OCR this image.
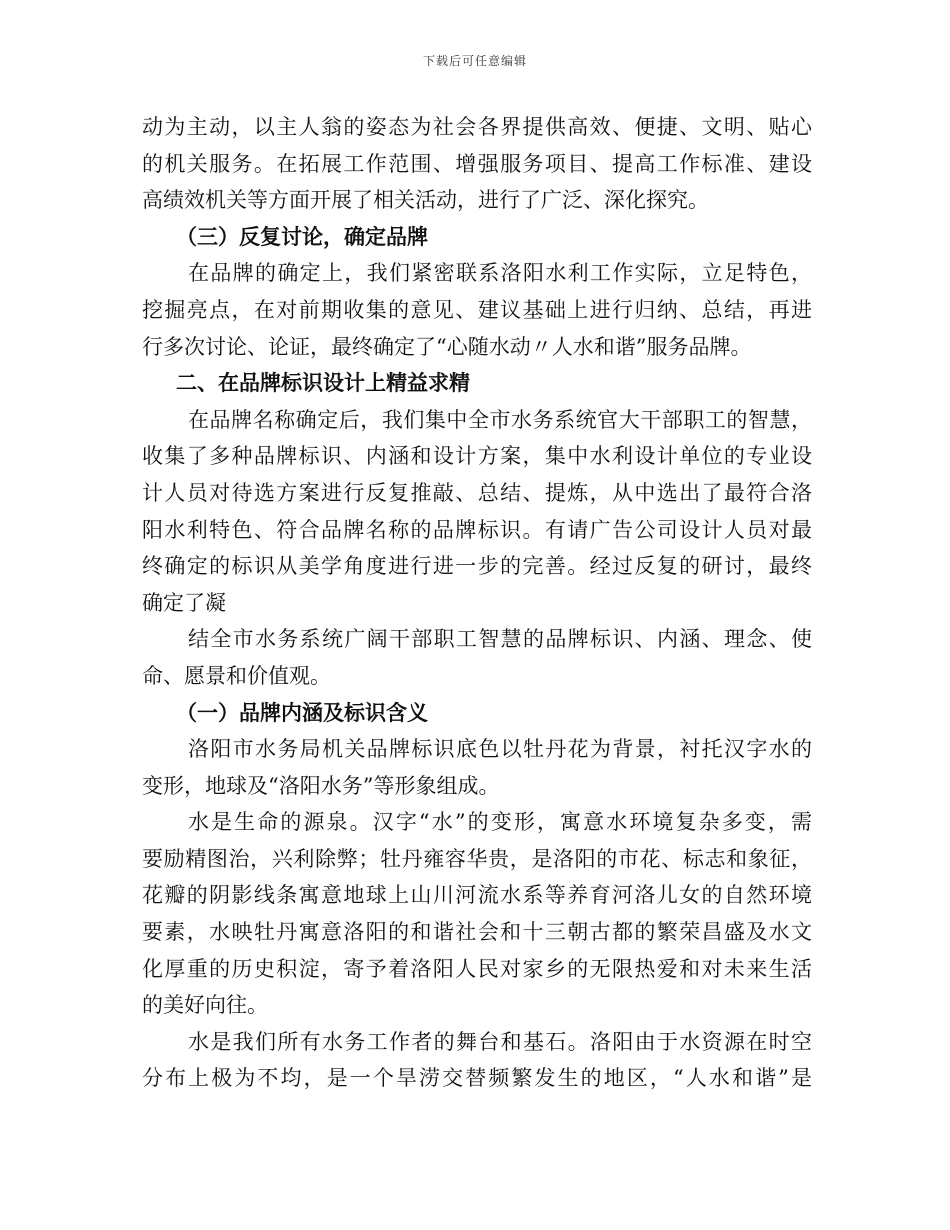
下载后可任意编辑
动为主动，以主人翁的姿态为社会各界提供高效、便捷、文明、贴心
的机关服务。在拓展工作范围、增强服务项目、提高工作标准、建设
高绩效机关等方面开展了相关活动，进行了广泛、深化探究。
（三）反复讨论，确定品牌
在品牌的确定上，我们紧密联系洛阳水利工作实际，立足特色，
挖掘亮点，在对前期收集的意见、建议基础上进行归纳、总结，再进
行多次讨论、论证，最终确定了“心随水动〃人水和谐”服务品牌。
二、在品牌标识设计上精益求精
在品牌名称确定后，我们集中全市水务系统官大干部职工的智慧，
收集了多种品牌标识、内涵和设计方案，集中水利设计单位的专业设
计人员对待选方案进行反复推敲、总结、提炼，从中选出了最符合洛
阳水利特色、符合品牌名称的品牌标识。有请广告公司设计人员对最
终确定的标识从美学角度进行进一步的完善。经过反复的研讨，最终
确定了凝
结全市水务系统广阔干部职工智慧的品牌标识、内涵、理念、使
命、愿景和价值观。
（一）品牌内涵及标识含义
洛阳市水务局机关品牌标识底色以牡丹花为背景，衬托汉字水的
变形，地球及“洛阳水务”等形象组成。
水是生命的源泉。汉字“水”的变形，寓意水环境复杂多变，需
要励精图治，兴利除弊；牡丹雍容华贵，是洛阳的市花、标志和象征，
花瓣的阴影线条寓意地球上山川河流水系等养育河洛儿女的自然环境
要素，水映牡丹寓意洛阳的和谐社会和十三朝古都的繁荣昌盛及水文
化厚重的历史积淀，寄予着洛阳人民对家乡的无限热爱和对未来生活
的美好向往。
水是我们所有水务工作者的舞台和基石。洛阳由于水资源在时空
分布上极为不均，是一个旱涝交替频繁发生的地区，“人水和谐”是
